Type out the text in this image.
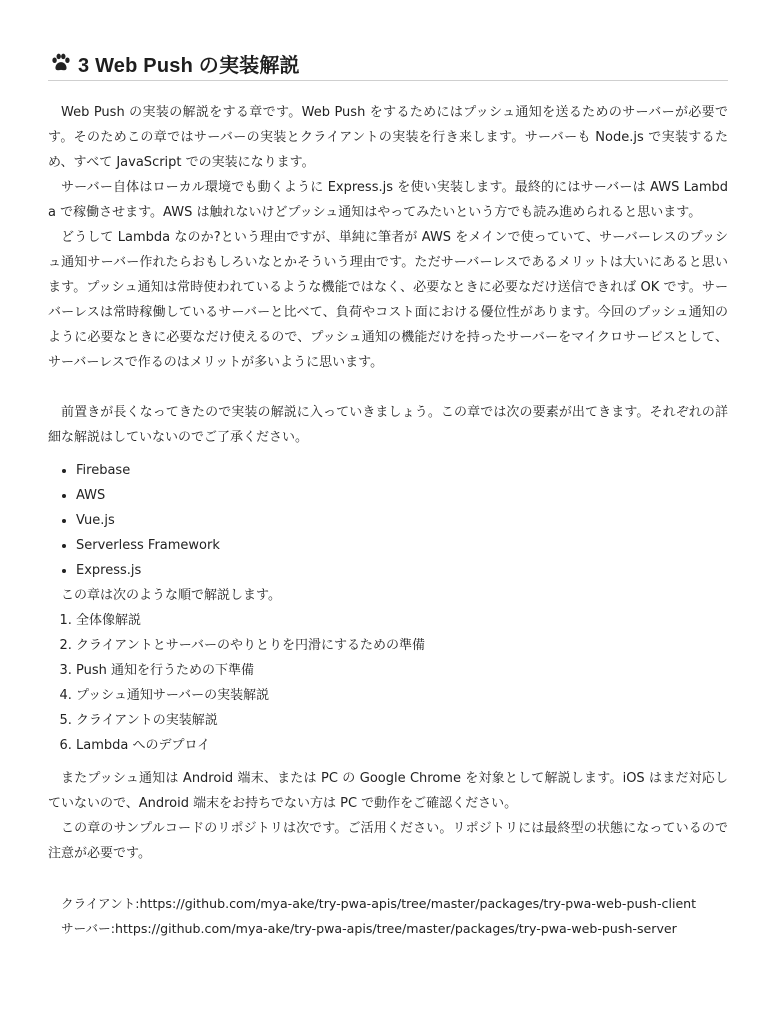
3 Web Push の実装解説

Web Push の実装の解説をする章です。Web Push をするためにはプッシュ通知を送るためのサーバーが必要です。そのためこの章ではサーバーの実装とクライアントの実装を行き来します。サーバーも Node.js で実装するため、すべて JavaScript での実装になります。

サーバー自体はローカル環境でも動くように Express.js を使い実装します。最終的にはサーバーは AWS Lambda で稼働させます。AWS は触れないけどプッシュ通知はやってみたいという方でも読み進められると思います。

どうして Lambda なのか?という理由ですが、単純に筆者が AWS をメインで使っていて、サーバーレスのプッシュ通知サーバー作れたらおもしろいなとかそういう理由です。ただサーバーレスであるメリットは大いにあると思います。プッシュ通知は常時使われているような機能ではなく、必要なときに必要なだけ送信できれば OK です。サーバーレスは常時稼働しているサーバーと比べて、負荷やコスト面における優位性があります。今回のプッシュ通知のように必要なときに必要なだけ使えるので、プッシュ通知の機能だけを持ったサーバーをマイクロサービスとして、サーバーレスで作るのはメリットが多いように思います。

前置きが長くなってきたので実装の解説に入っていきましょう。この章では次の要素が出てきます。それぞれの詳細な解説はしていないのでご了承ください。

• Firebase
• AWS
• Vue.js
• Serverless Framework
• Express.js

この章は次のような順で解説します。

1. 全体像解説
2. クライアントとサーバーのやりとりを円滑にするための準備
3. Push 通知を行うための下準備
4. プッシュ通知サーバーの実装解説
5. クライアントの実装解説
6. Lambda へのデプロイ

またプッシュ通知は Android 端末、または PC の Google Chrome を対象として解説します。iOS はまだ対応していないので、Android 端末をお持ちでない方は PC で動作をご確認ください。

この章のサンプルコードのリポジトリは次です。ご活用ください。リポジトリには最終型の状態になっているので注意が必要です。

クライアント:https://github.com/mya-ake/try-pwa-apis/tree/master/packages/try-pwa-web-push-client
サーバー:https://github.com/mya-ake/try-pwa-apis/tree/master/packages/try-pwa-web-push-server
